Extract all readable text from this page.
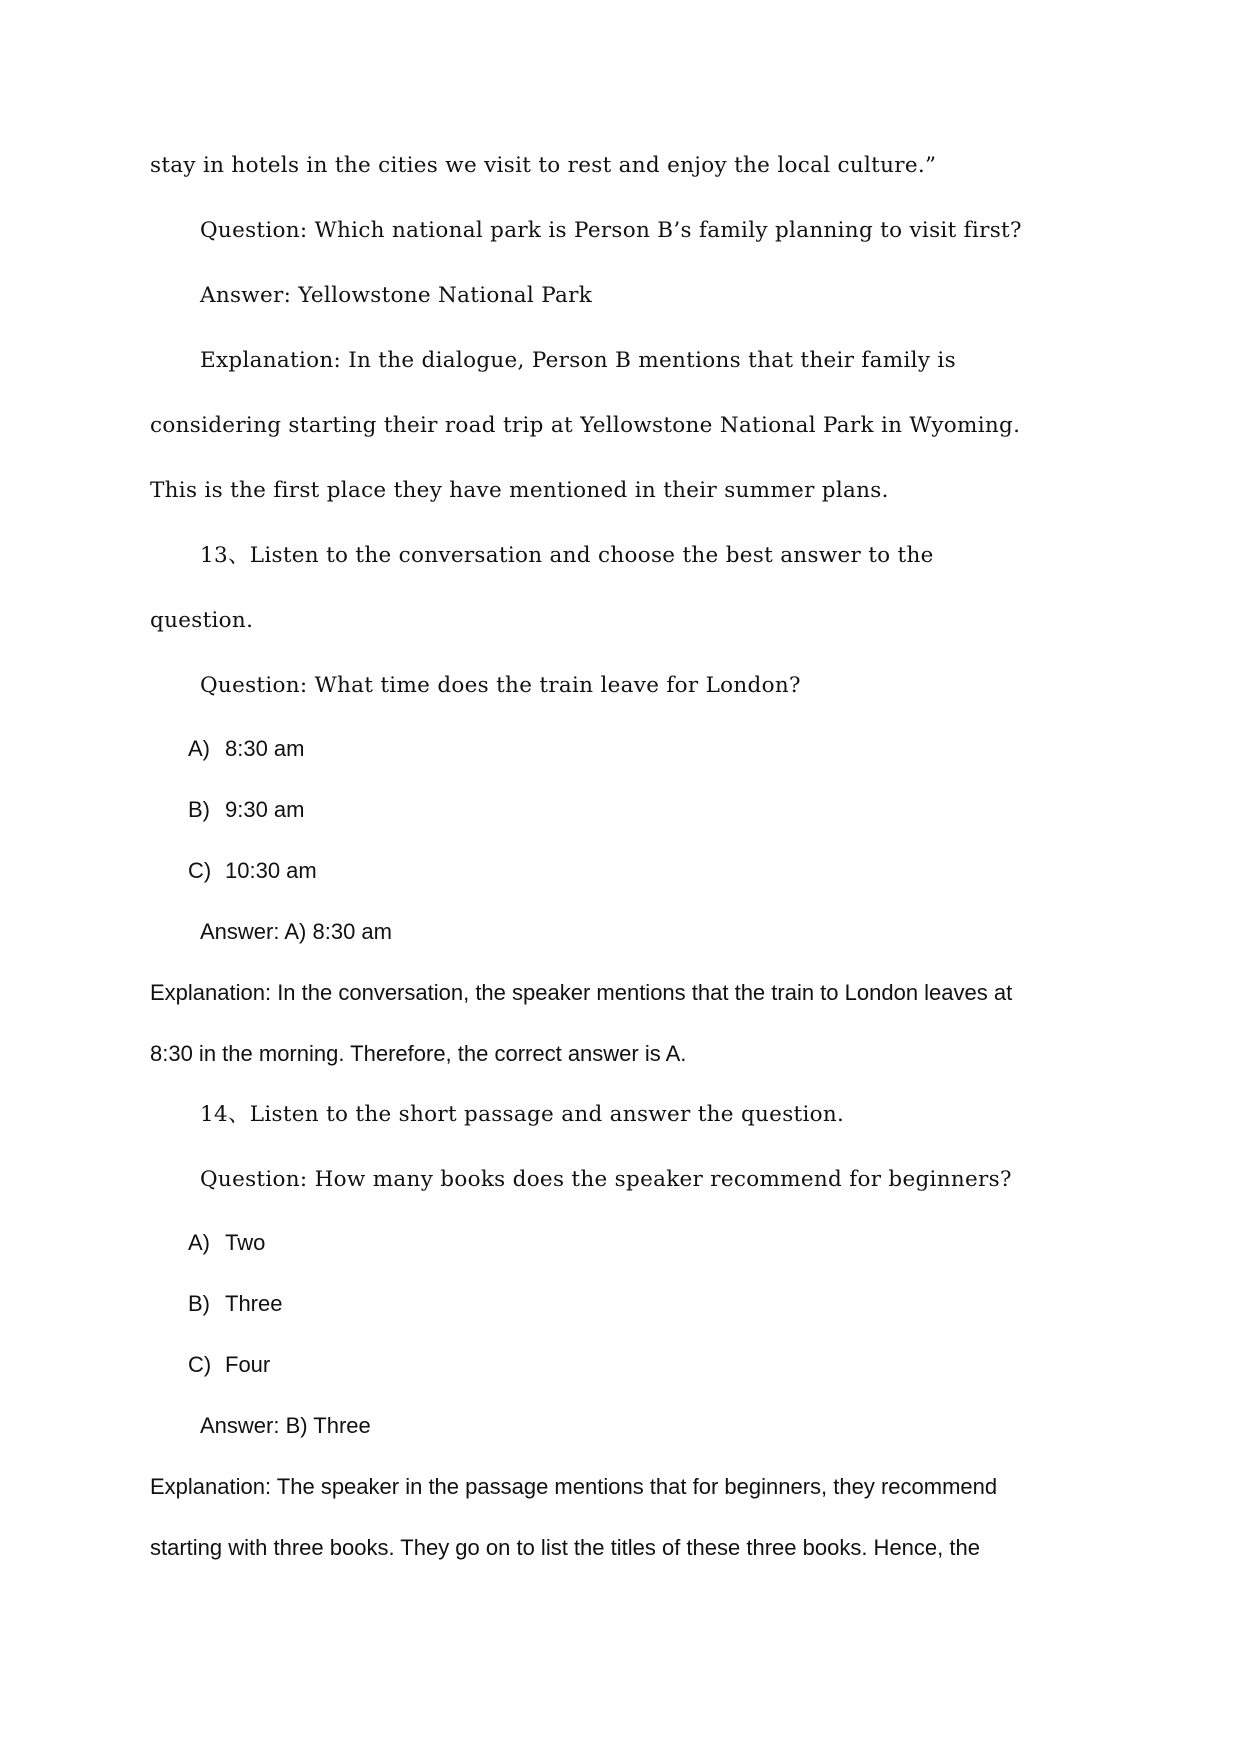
stay in hotels in the cities we visit to rest and enjoy the local culture.”
Question: Which national park is Person B’s family planning to visit first?
Answer: Yellowstone National Park
Explanation: In the dialogue, Person B mentions that their family is
considering starting their road trip at Yellowstone National Park in Wyoming.
This is the first place they have mentioned in their summer plans.
13、Listen to the conversation and choose the best answer to the
question.
Question: What time does the train leave for London?
A) 8:30 am
B) 9:30 am
C) 10:30 am
Answer: A) 8:30 am
Explanation: In the conversation, the speaker mentions that the train to London leaves at
8:30 in the morning. Therefore, the correct answer is A.
14、Listen to the short passage and answer the question.
Question: How many books does the speaker recommend for beginners?
A) Two
B) Three
C) Four
Answer: B) Three
Explanation: The speaker in the passage mentions that for beginners, they recommend
starting with three books. They go on to list the titles of these three books. Hence, the
